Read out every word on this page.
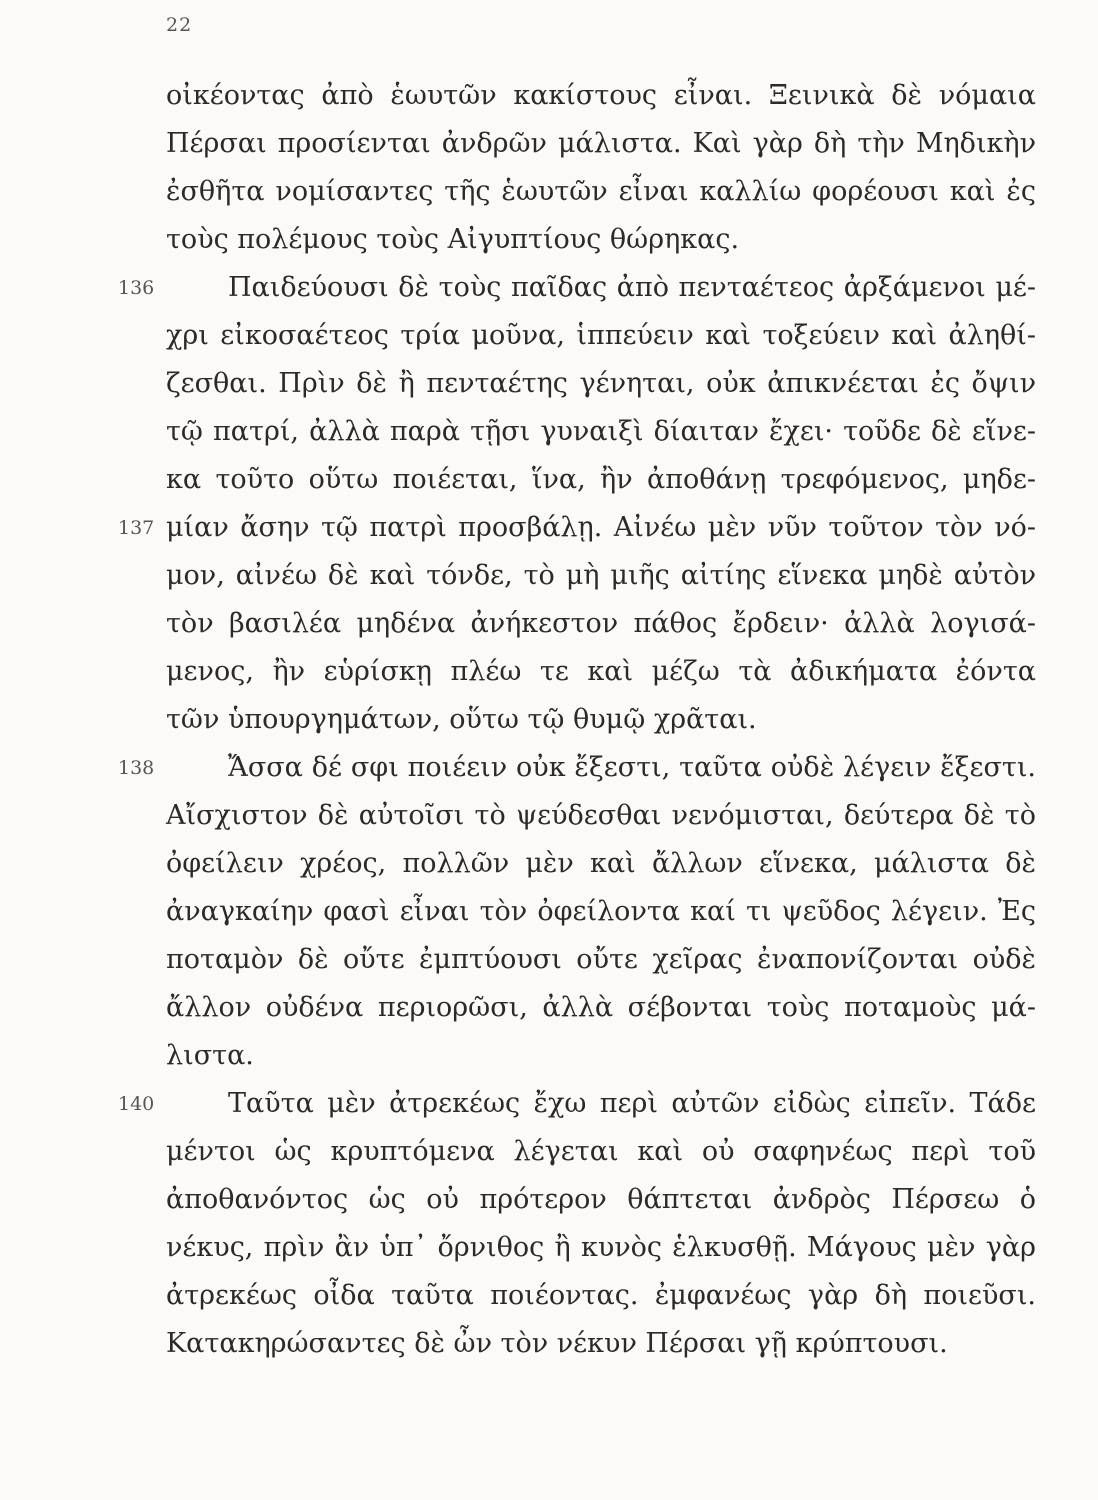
22
οἰκέοντας ἀπὸ ἑωυτῶν κακίστους εἶναι. Ξεινικὰ δὲ νόμαια
Πέρσαι προσίενται ἀνδρῶν μάλιστα. Καὶ γὰρ δὴ τὴν Μηδικὴν
ἐσθῆτα νομίσαντες τῆς ἑωυτῶν εἶναι καλλίω φορέουσι καὶ ἐς
τοὺς πολέμους τοὺς Αἰγυπτίους θώρηκας.
Παιδεύουσι δὲ τοὺς παῖδας ἀπὸ πενταέτεος ἀρξάμενοι μέ-
136
χρι εἰκοσαέτεος τρία μοῦνα, ἱππεύειν καὶ τοξεύειν καὶ ἀληθί-
ζεσθαι. Πρὶν δὲ ἢ πενταέτης γένηται, οὐκ ἀπικνέεται ἐς ὄψιν
τῷ πατρί, ἀλλὰ παρὰ τῇσι γυναιξὶ δίαιταν ἔχει· τοῦδε δὲ εἵνε-
κα τοῦτο οὕτω ποιέεται, ἵνα, ἢν ἀποθάνῃ τρεφόμενος, μηδε-
μίαν ἄσην τῷ πατρὶ προσβάλῃ. Αἰνέω μὲν νῦν τοῦτον τὸν νό-
137
μον, αἰνέω δὲ καὶ τόνδε, τὸ μὴ μιῆς αἰτίης εἵνεκα μηδὲ αὐτὸν
τὸν βασιλέα μηδένα ἀνήκεστον πάθος ἔρδειν· ἀλλὰ λογισά-
μενος, ἢν εὑρίσκῃ πλέω τε καὶ μέζω τὰ ἀδικήματα ἐόντα
τῶν ὑπουργημάτων, οὕτω τῷ θυμῷ χρᾶται.
Ἄσσα δέ σφι ποιέειν οὐκ ἔξεστι, ταῦτα οὐδὲ λέγειν ἔξεστι.
138
Αἴσχιστον δὲ αὐτοῖσι τὸ ψεύδεσθαι νενόμισται, δεύτερα δὲ τὸ
ὀφείλειν χρέος, πολλῶν μὲν καὶ ἄλλων εἵνεκα, μάλιστα δὲ
ἀναγκαίην φασὶ εἶναι τὸν ὀφείλοντα καί τι ψεῦδος λέγειν. Ἐς
ποταμὸν δὲ οὔτε ἐμπτύουσι οὔτε χεῖρας ἐναπονίζονται οὐδὲ
ἄλλον οὐδένα περιορῶσι, ἀλλὰ σέβονται τοὺς ποταμοὺς μά-
λιστα.
Ταῦτα μὲν ἀτρεκέως ἔχω περὶ αὐτῶν εἰδὼς εἰπεῖν. Τάδε
140
μέντοι ὡς κρυπτόμενα λέγεται καὶ οὐ σαφηνέως περὶ τοῦ
ἀποθανόντος ὡς οὐ πρότερον θάπτεται ἀνδρὸς Πέρσεω ὁ
νέκυς, πρὶν ἂν ὑπ᾽ ὄρνιθος ἢ κυνὸς ἑλκυσθῇ. Μάγους μὲν γὰρ
ἀτρεκέως οἶδα ταῦτα ποιέοντας. ἐμφανέως γὰρ δὴ ποιεῦσι.
Κατακηρώσαντες δὲ ὦν τὸν νέκυν Πέρσαι γῇ κρύπτουσι.
